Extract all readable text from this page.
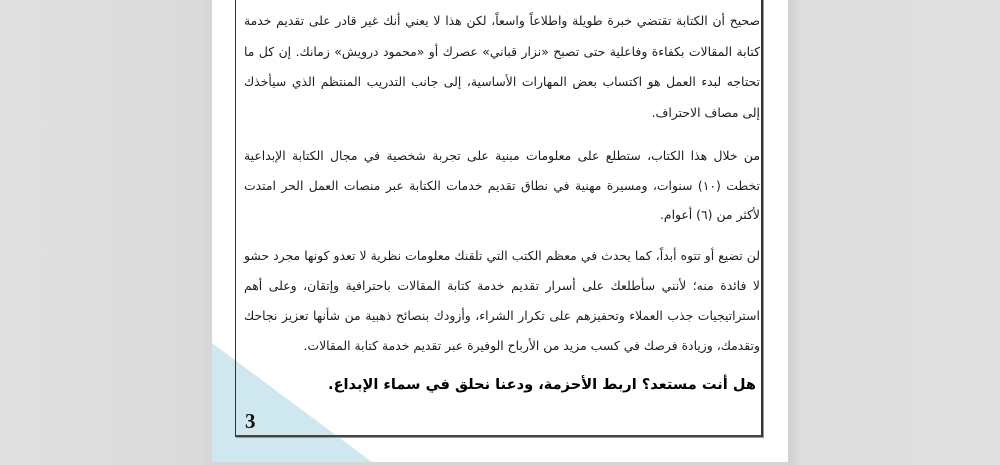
صحيح أن الكتابة تقتضي خبرة طويلة واطلاعاً واسعاً، لكن هذا لا يعني أنك غير قادر على تقديم خدمة كتابة المقالات بكفاءة وفاعلية حتى تصبح «نزار قباني» عصرك أو «محمود درويش» زمانك. إن كل ما تحتاجه لبدء العمل هو اكتساب بعض المهارات الأساسية، إلى جانب التدريب المنتظم الذي سيأخذك إلى مصاف الاحتراف.

من خلال هذا الكتاب، ستطلع على معلومات مبنية على تجربة شخصية في مجال الكتابة الإبداعية تخطت (١٠) سنوات، ومسيرة مهنية في نطاق تقديم خدمات الكتابة عبر منصات العمل الحر امتدت لأكثر من (٦) أعوام.

لن تضيع أو تتوه أبداً، كما يحدث في معظم الكتب التي تلقنك معلومات نظرية لا تعدو كونها مجرد حشو لا فائدة منه؛ لأنني سأطلعك على أسرار تقديم خدمة كتابة المقالات باحترافية وإتقان، وعلى أهم استراتيجيات جذب العملاء وتحفيزهم على تكرار الشراء، وأزودك بنصائح ذهبية من شأنها تعزيز نجاحك وتقدمك، وزيادة فرصك في كسب مزيد من الأرباح الوفيرة عبر تقديم خدمة كتابة المقالات.

هل أنت مستعد؟ اربط الأحزمة، ودعنا نحلق في سماء الإبداع.
3
